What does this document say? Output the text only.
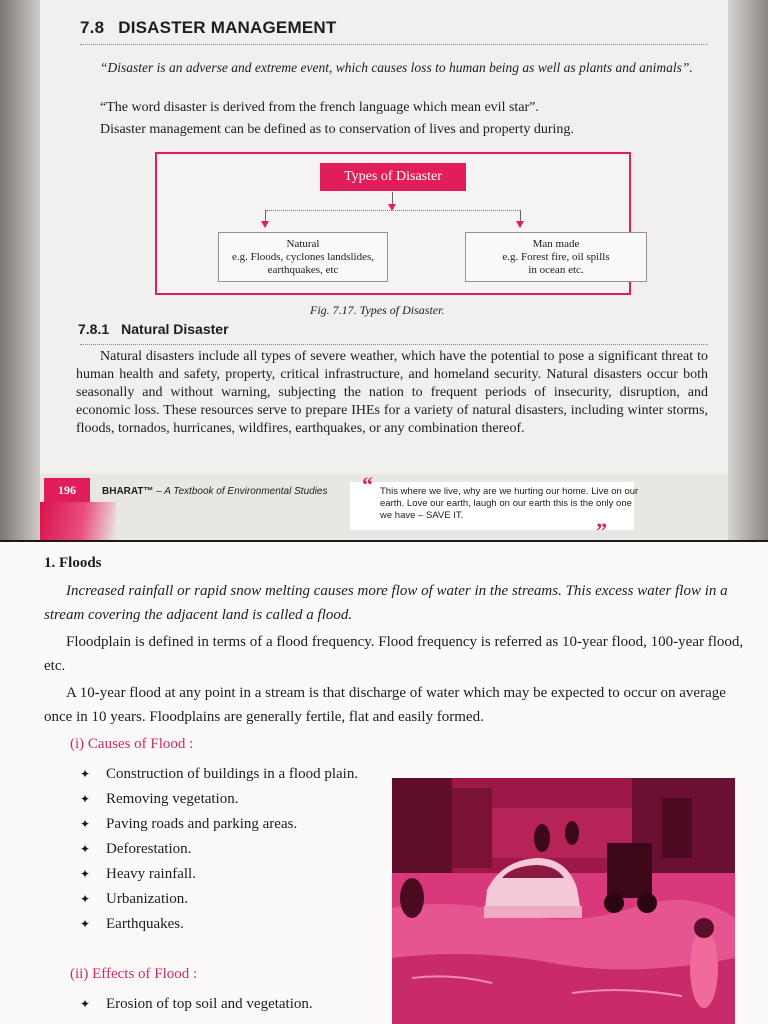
7.8 DISASTER MANAGEMENT
“Disaster is an adverse and extreme event, which causes loss to human being as well as plants and animals”.
“The word disaster is derived from the french language which mean evil star”.
Disaster management can be defined as to conservation of lives and property during.
Types of Disaster
Natural
e.g. Floods, cyclones landslides,
earthquakes, etc
Man made
e.g. Forest fire, oil spills
in ocean etc.
Fig. 7.17. Types of Disaster.
7.8.1 Natural Disaster
Natural disasters include all types of severe weather, which have the potential to pose a significant threat to human health and safety, property, critical infrastructure, and homeland security. Natural disasters occur both seasonally and without warning, subjecting the nation to frequent periods of insecurity, disruption, and economic loss. These resources serve to prepare IHEs for a variety of natural disasters, including winter storms, floods, tornados, hurricanes, wildfires, earthquakes, or any combination thereof.
196	BHARAT™ – A Textbook of Environmental Studies “ This where we live, why are we hurting our home. Live on our earth. Love our earth, laugh on our earth this is the only one we have – SAVE IT.
”
1. Floods
Increased rainfall or rapid snow melting causes more flow of water in the streams. This excess water flow in a stream covering the adjacent land is called a flood.
Floodplain is defined in terms of a flood frequency. Flood frequency is referred as 10-year flood, 100-year flood, etc.
A 10-year flood at any point in a stream is that discharge of water which may be expected to occur on average once in 10 years. Floodplains are generally fertile, flat and easily formed.
(i) Causes of Flood :
✦ Construction of buildings in a flood plain.
✦ Removing vegetation.
✦ Paving roads and parking areas.
✦ Deforestation.
✦ Heavy rainfall.
✦ Urbanization.
✦ Earthquakes.
(ii) Effects of Flood :
✦ Erosion of top soil and vegetation.
